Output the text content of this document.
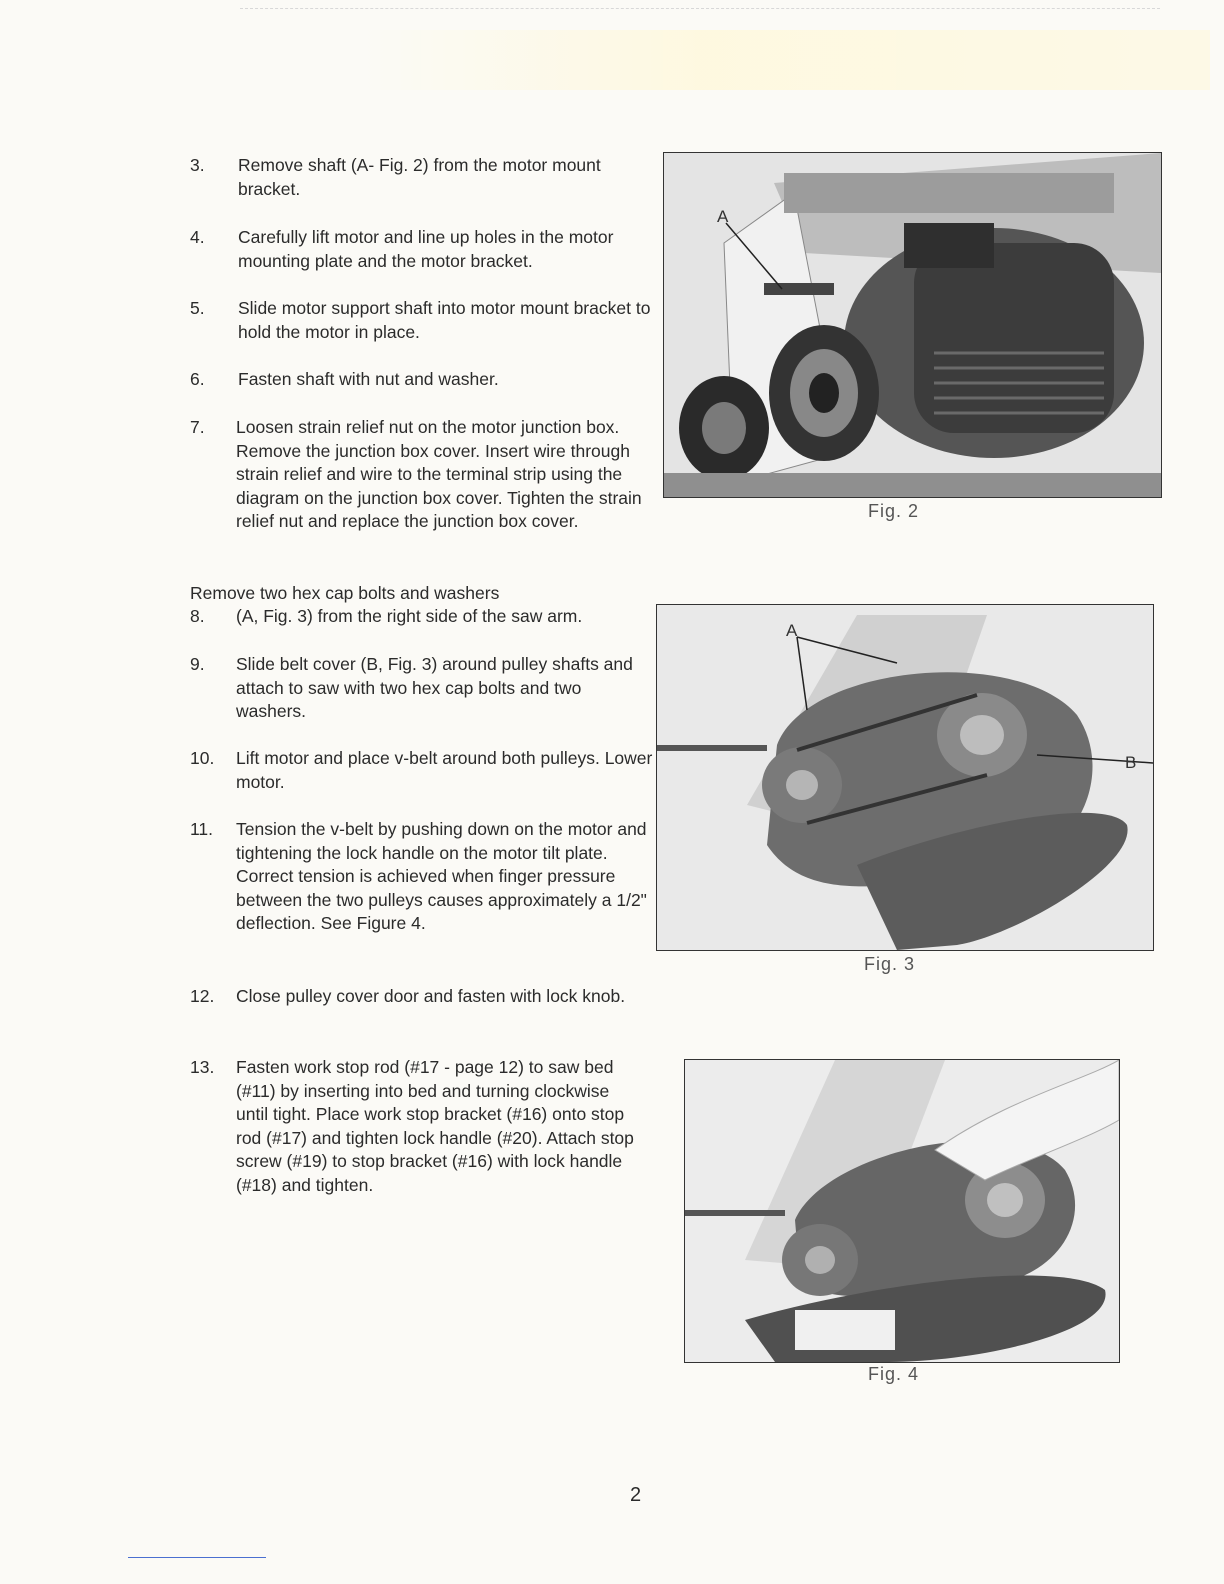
3. Remove shaft (A- Fig. 2) from the motor mount bracket.
4. Carefully lift motor and line up holes in the motor mounting plate and the motor bracket.
5. Slide motor support shaft into motor mount bracket to hold the motor in place.
6. Fasten shaft with nut and washer.
7. Loosen strain relief nut on the motor junction box. Remove the junction box cover. Insert wire through strain relief and wire to the terminal strip using the diagram on the junction box cover. Tighten the strain relief nut and replace the junction box cover.
Remove two hex cap bolts and washers
8. (A, Fig. 3) from the right side of the saw arm.
9. Slide belt cover (B, Fig. 3) around pulley shafts and attach to saw with two hex cap bolts and two washers.
10. Lift motor and place v-belt around both pulleys. Lower motor.
11. Tension the v-belt by pushing down on the motor and tightening the lock handle on the motor tilt plate. Correct tension is achieved when finger pressure between the two pulleys causes approximately a 1/2" deflection. See Figure 4.
12. Close pulley cover door and fasten with lock knob.
13. Fasten work stop rod (#17 - page 12) to saw bed (#11) by inserting into bed and turning clockwise until tight. Place work stop bracket (#16) onto stop rod (#17) and tighten lock handle (#20). Attach stop screw (#19) to stop bracket (#16) with lock handle (#18) and tighten.
A
Fig. 2
A
B
Fig. 3
Fig. 4
2
